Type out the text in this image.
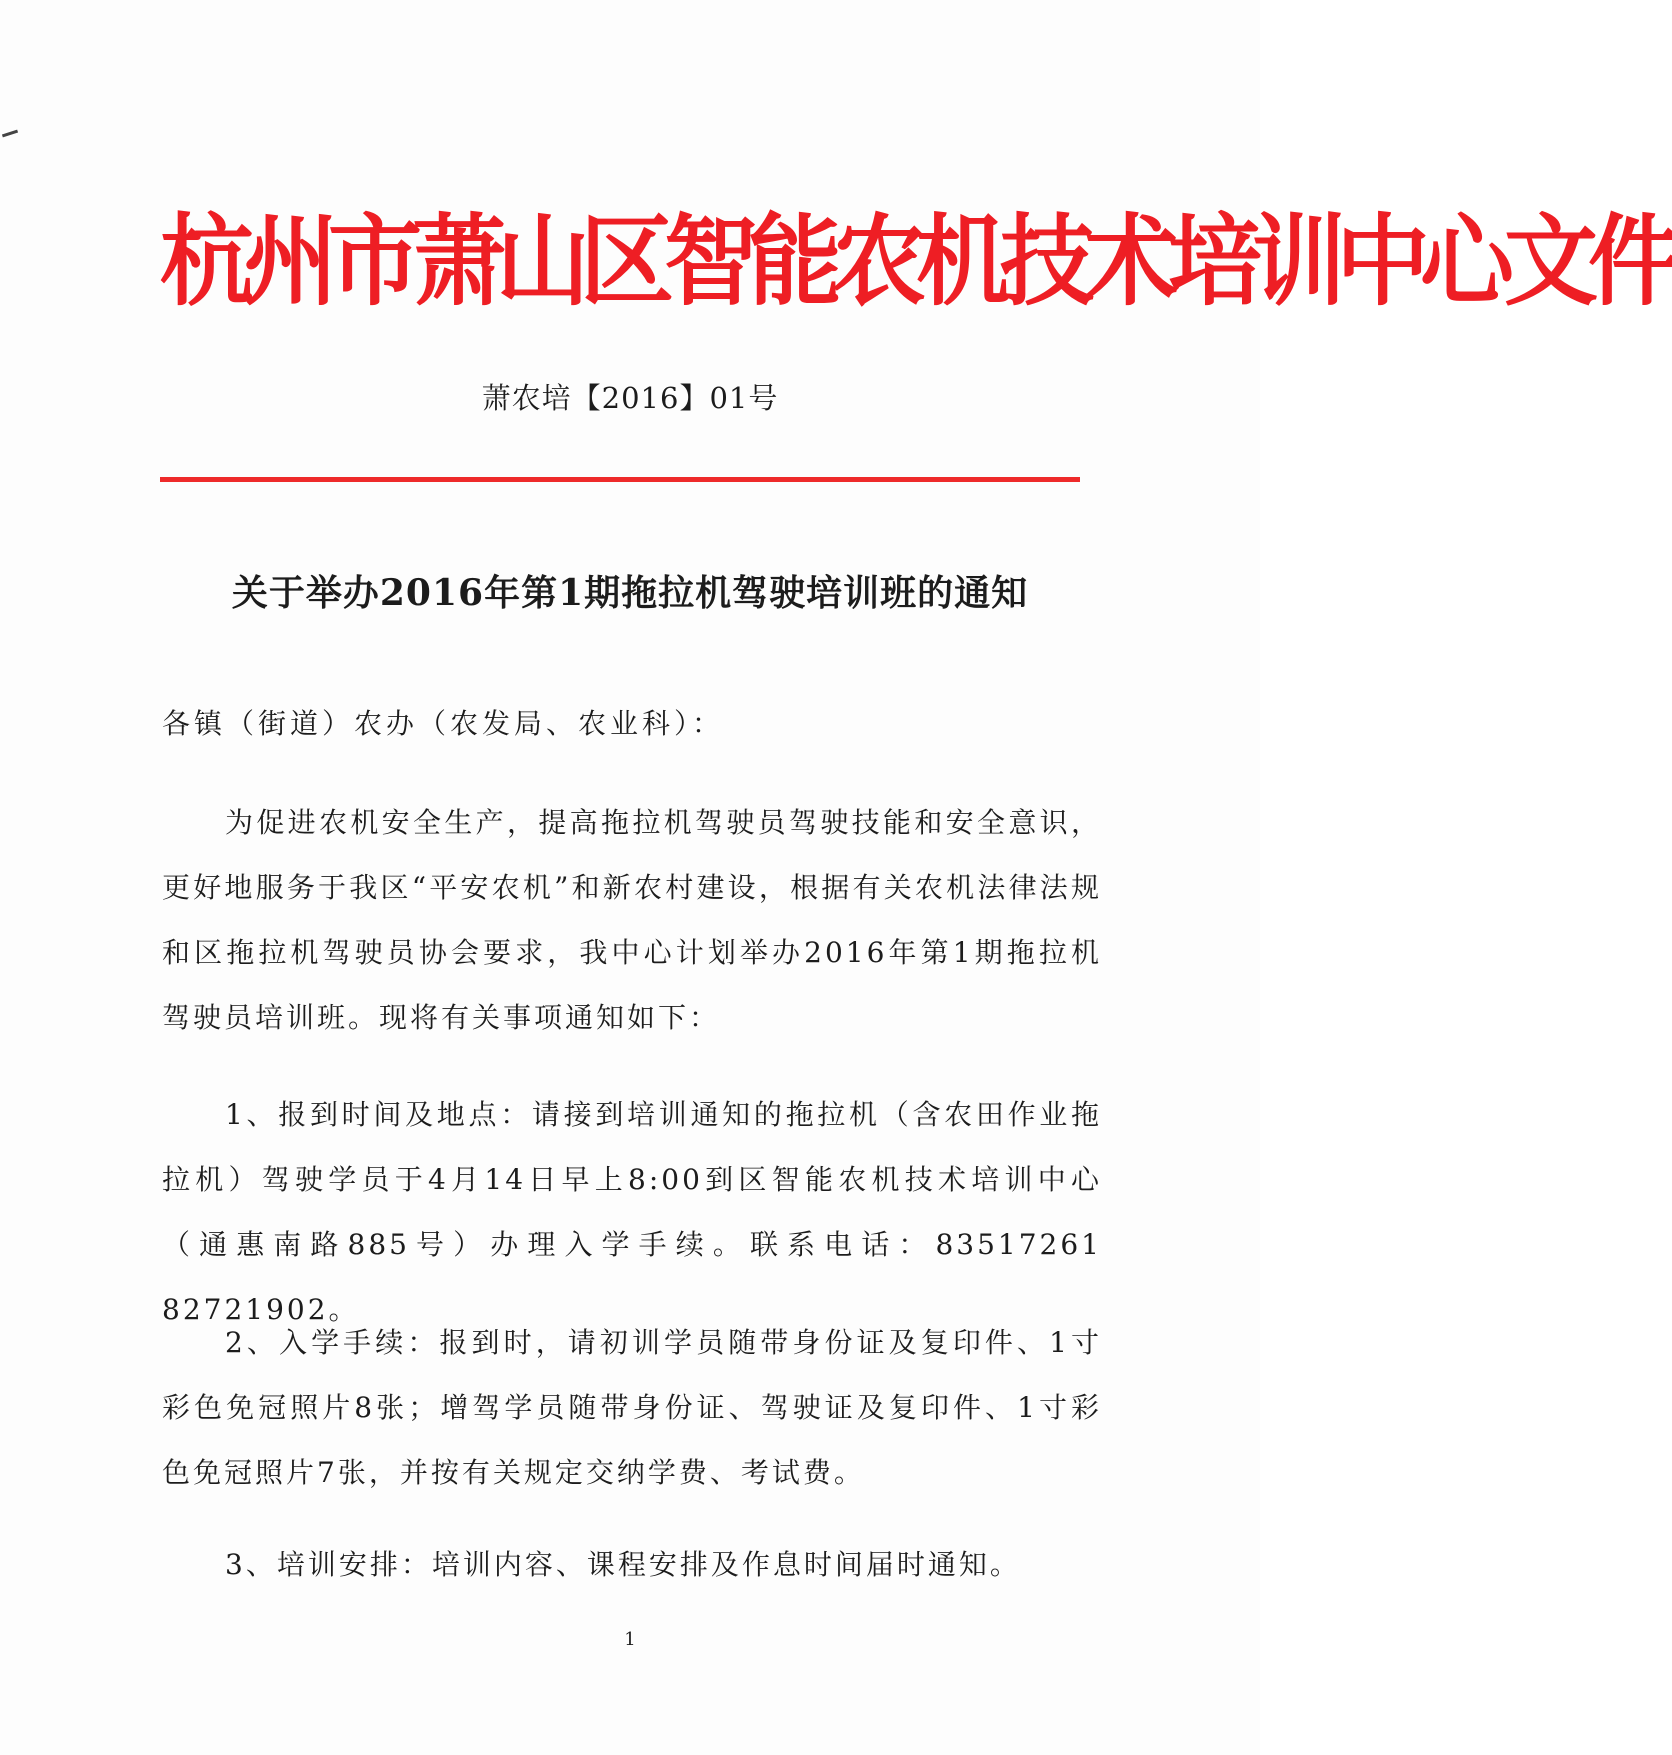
杭州市萧山区智能农机技术培训中心文件
萧农培【2016】01号
关于举办2016年第1期拖拉机驾驶培训班的通知
各镇（街道）农办（农发局、农业科）：

为促进农机安全生产，提高拖拉机驾驶员驾驶技能和安全意识，更好地服务于我区“平安农机”和新农村建设，根据有关农机法律法规和区拖拉机驾驶员协会要求，我中心计划举办2016年第1期拖拉机驾驶员培训班。现将有关事项通知如下：

1、报到时间及地点：请接到培训通知的拖拉机（含农田作业拖拉机）驾驶学员于4月14日早上8:00到区智能农机技术培训中心（通惠南路885号）办理入学手续。联系电话：83517261　82721902。

2、入学手续：报到时，请初训学员随带身份证及复印件、1寸彩色免冠照片8张；增驾学员随带身份证、驾驶证及复印件、1寸彩色免冠照片7张，并按有关规定交纳学费、考试费。

3、培训安排：培训内容、课程安排及作息时间届时通知。

1
